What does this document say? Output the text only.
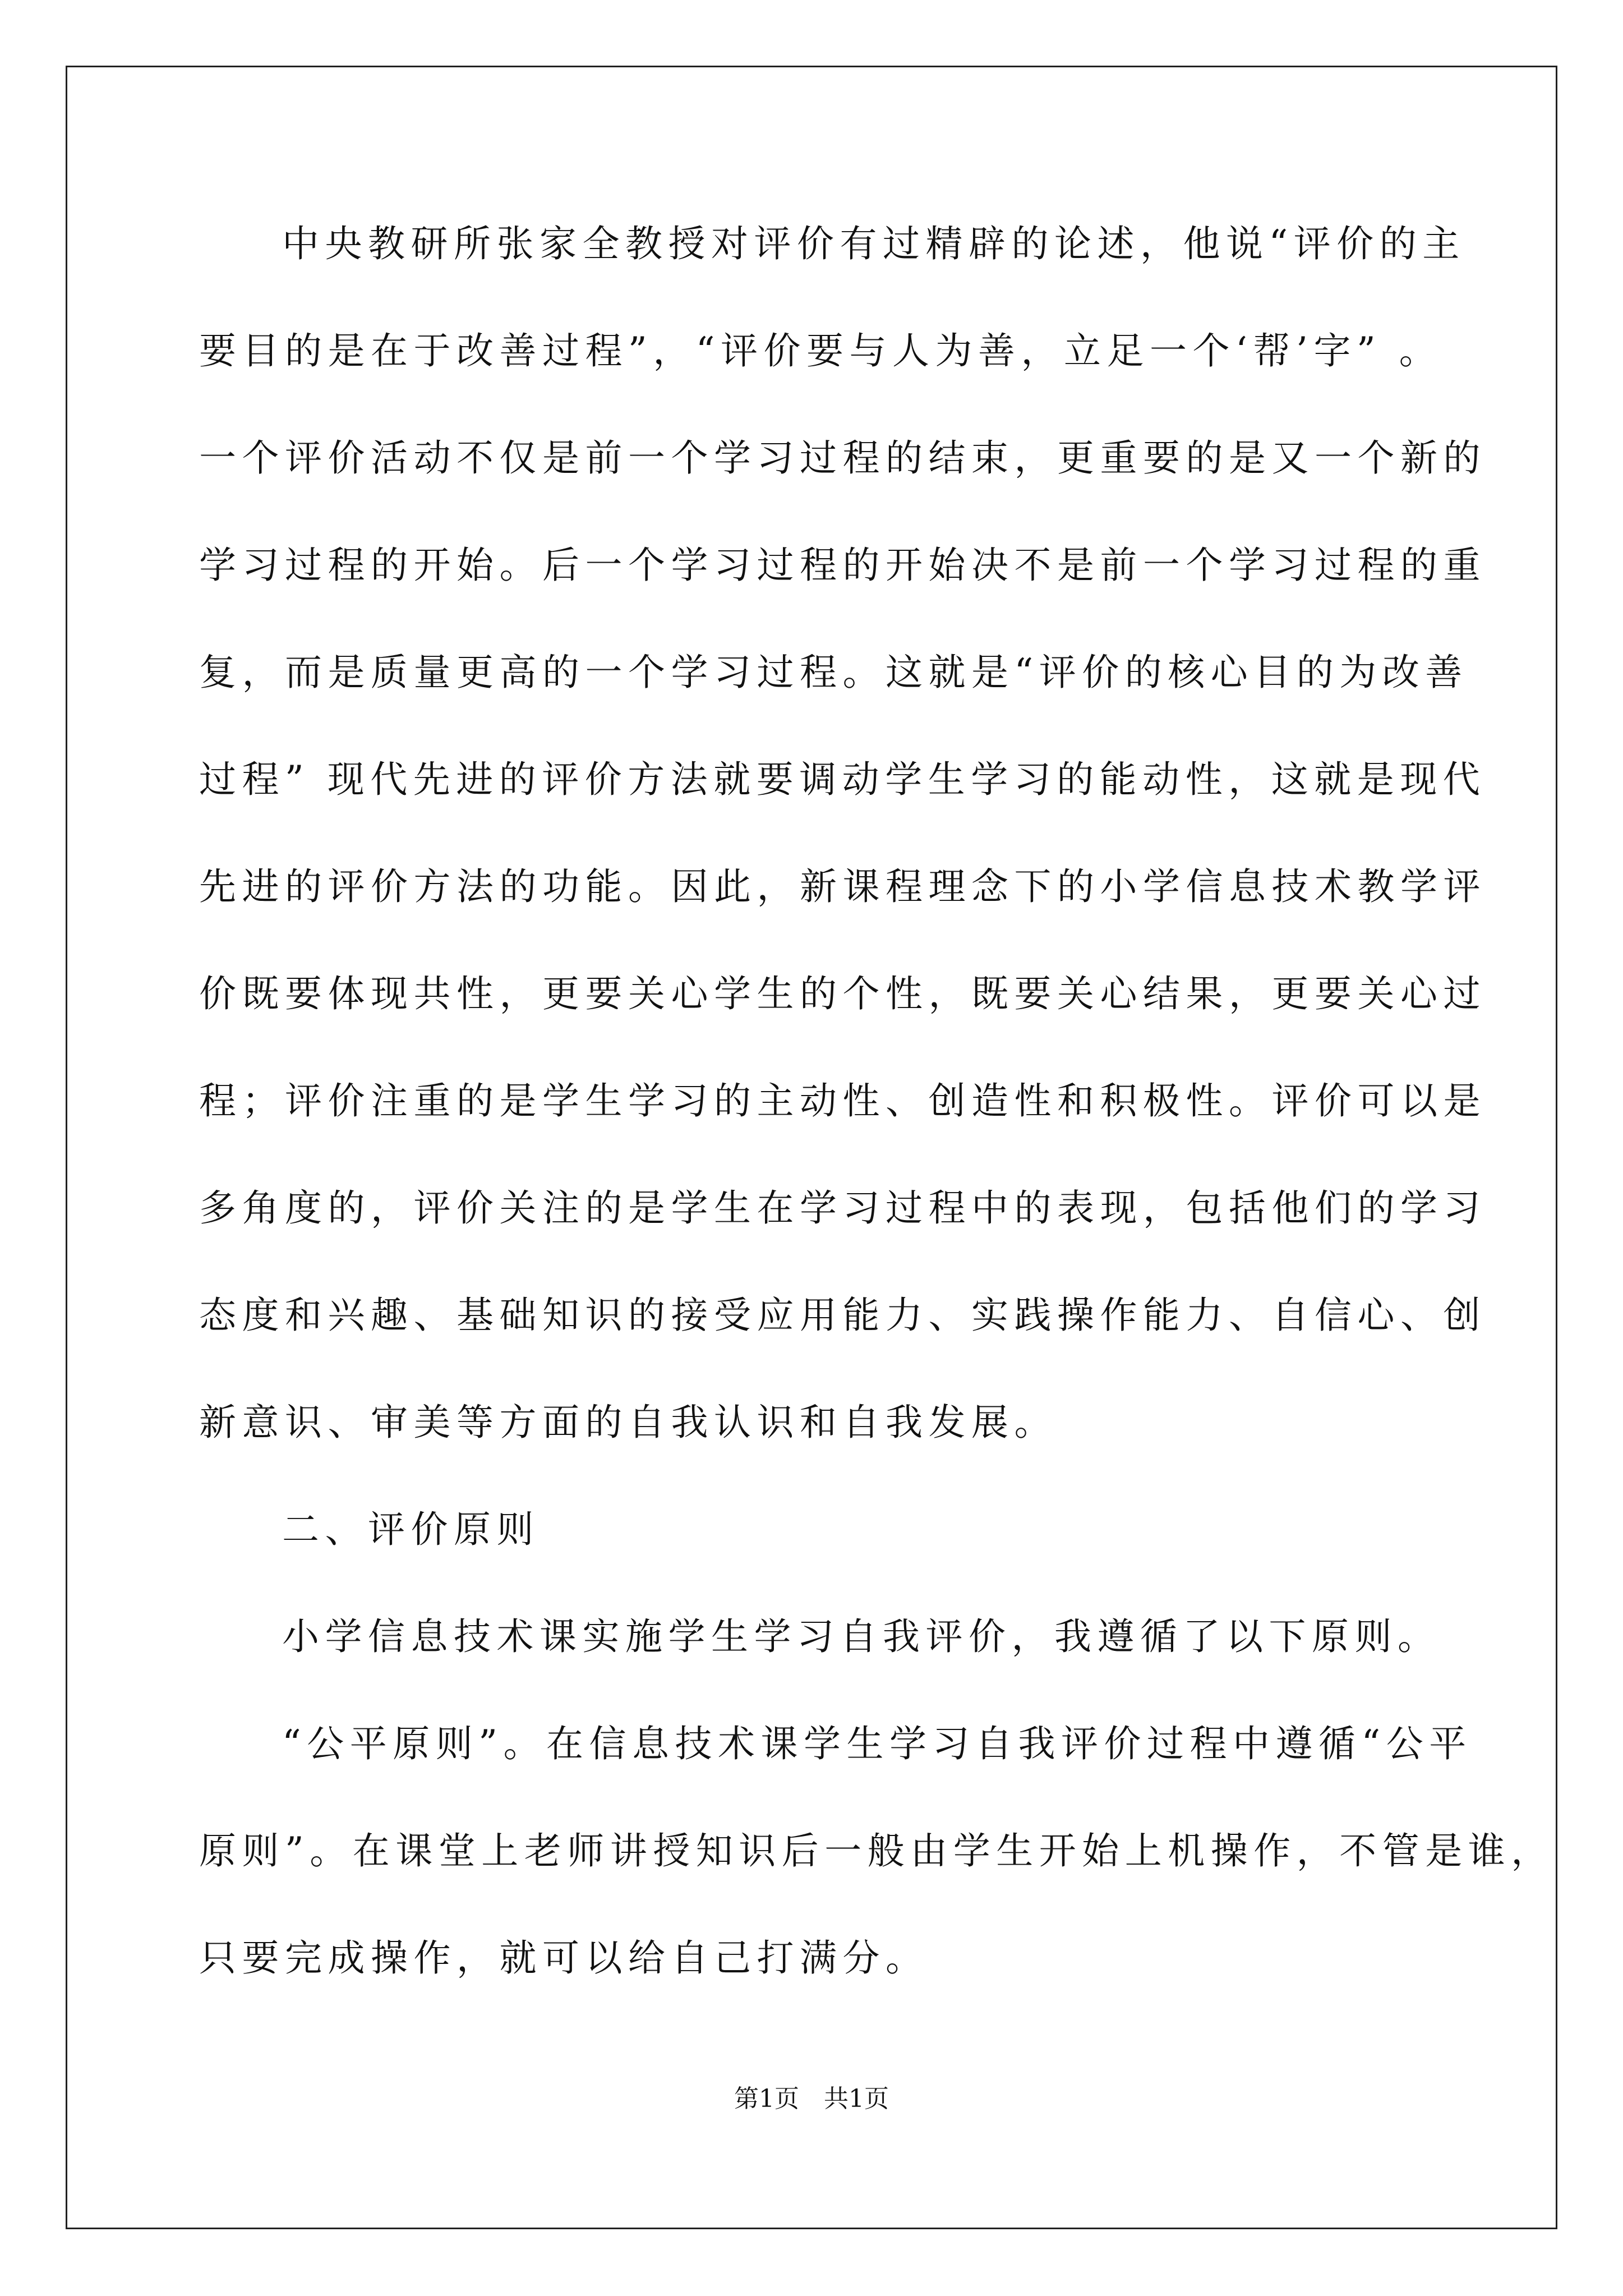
中央教研所张家全教授对评价有过精辟的论述，他说“评价的主
要目的是在于改善过程”，“评价要与人为善，立足一个‘帮’字” 。
一个评价活动不仅是前一个学习过程的结束，更重要的是又一个新的
学习过程的开始。后一个学习过程的开始决不是前一个学习过程的重
复，而是质量更高的一个学习过程。这就是“评价的核心目的为改善
过程” 现代先进的评价方法就要调动学生学习的能动性，这就是现代
先进的评价方法的功能。因此，新课程理念下的小学信息技术教学评
价既要体现共性，更要关心学生的个性，既要关心结果，更要关心过
程；评价注重的是学生学习的主动性、创造性和积极性。评价可以是
多角度的，评价关注的是学生在学习过程中的表现，包括他们的学习
态度和兴趣、基础知识的接受应用能力、实践操作能力、自信心、创
新意识、审美等方面的自我认识和自我发展。
二、评价原则
小学信息技术课实施学生学习自我评价，我遵循了以下原则。
“公平原则”。在信息技术课学生学习自我评价过程中遵循“公平
原则”。在课堂上老师讲授知识后一般由学生开始上机操作，不管是谁，
只要完成操作，就可以给自己打满分。
第1页　共1页
